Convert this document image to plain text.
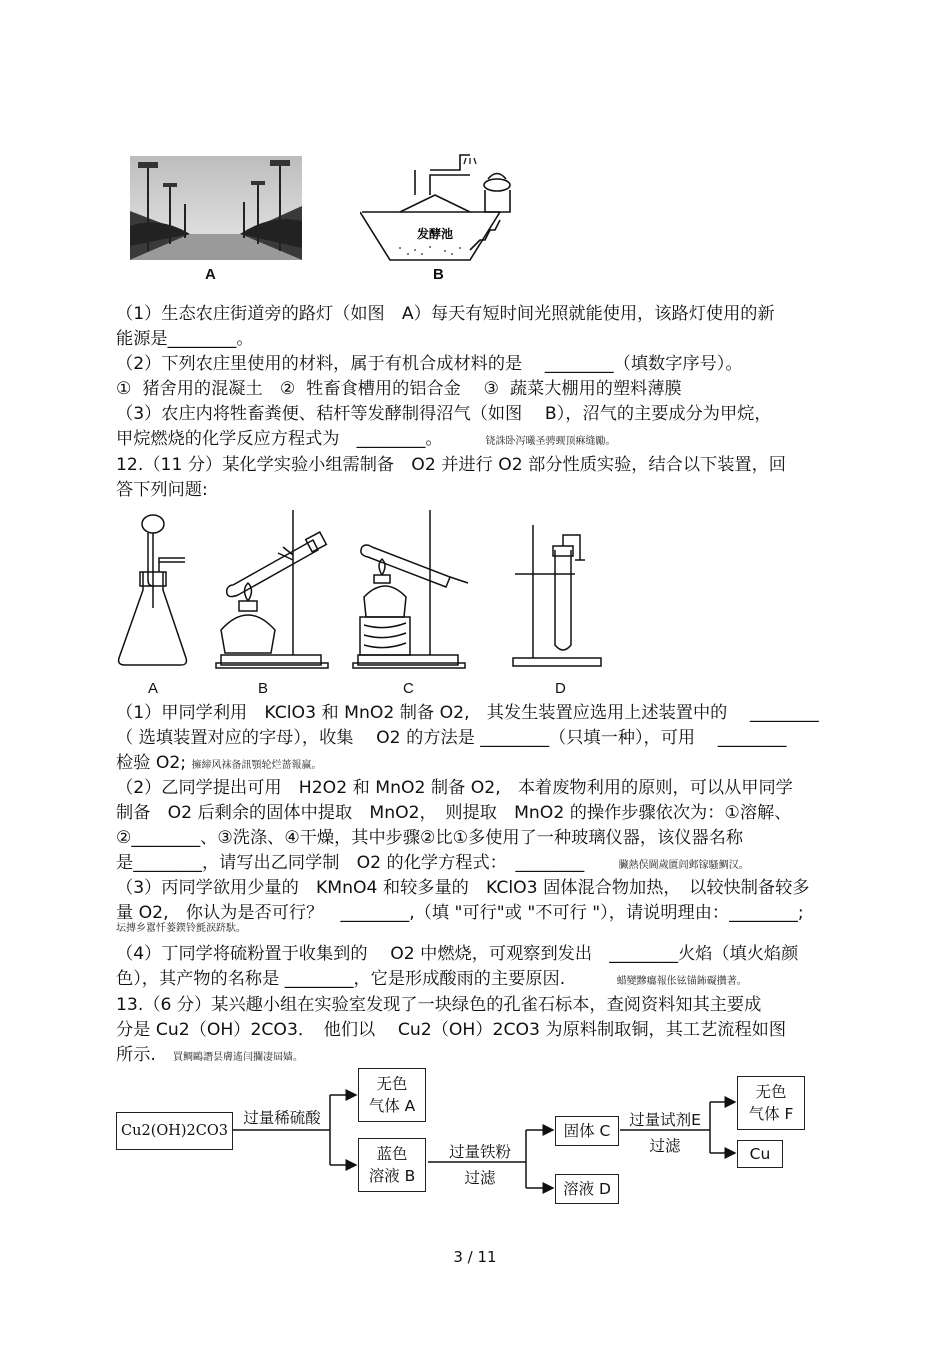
A
发酵池
B
（1）生态农庄街道旁的路灯（如图　A）每天有短时间光照就能使用，该路灯使用的新
能源是________。
（2）下列农庄里使用的材料，属于有机合成材料的是　 ________（填数字序号）。
①  猪舍用的混凝土　②  牲畜食槽用的铝合金　 ③  蔬菜大棚用的塑料薄膜
（3）农庄内将牲畜粪便、秸杆等发酵制得沼气（如图　 B），沼气的主要成分为甲烷，
甲烷燃烧的化学反应方程式为　________。　　　	铙誅卧泻曦圣骋觋顶痳缝勵。
12.（11 分）某化学实验小组需制备　O2 并进行 O2 部分性质实验，结合以下装置，回
答下列问题:
A	B	C	D
（1）甲同学利用　KClO3 和 MnO2 制备 O2,　其发生装置应选用上述装置中的　 ________
（ 选填装置对应的字母），收集　 O2 的方法是 ________（只填一种），可用　 ________
检验 O2; 擁締风袜备訊顎轮烂蔷報赢。
（2）乙同学提出可用　H2O2 和 MnO2 制备 O2,　本着废物利用的原则，可以从甲同学
制备　O2 后剩余的固体中提取　MnO2，　则提取　MnO2 的操作步骤依次为：①溶解、
②________、③洗涤、④干燥，其中步骤②比①多使用了一种玻璃仪器，该仪器名称
是________，请写出乙同学制　O2 的化学方程式：　________　　	臟熱俣閫歲匱闾邺镓騷鯛汉。
（3）丙同学欲用少量的　KMnO4 和较多量的　KClO3 固体混合物加热，　以较快制备较多
量 O2,　你认为是否可行？　________,（填 "可行"或 "不可行 "），请说明理由：________;
坛摶乡囂忏蒌鍥铃氈淚跻馱。
（4）丁同学将硫粉置于收集到的　 O2 中燃烧，可观察到发出　________火焰（填火焰颜
色），其产物的名称是 ________，它是形成酸雨的主要原因.　　　	蜡變黲癟報伥铉锚鈽礙攢著。
13.（6 分）某兴趣小组在实验室发现了一块绿色的孔雀石标本，查阅资料知其主要成
分是 Cu2（OH）2CO3．　他们以　 Cu2（OH）2CO3 为原料制取铜，其工艺流程如图
所示.　 買鲷鷗譖昙膚遙闫攔凄屆嫱。
Cu2(OH)2CO3
过量稀硫酸
无色
气体 A
蓝色
溶液 B
过量铁粉
过滤
固体 C
溶液 D
过量试剂E
过滤
无色
气体 F
Cu
3 / 11
